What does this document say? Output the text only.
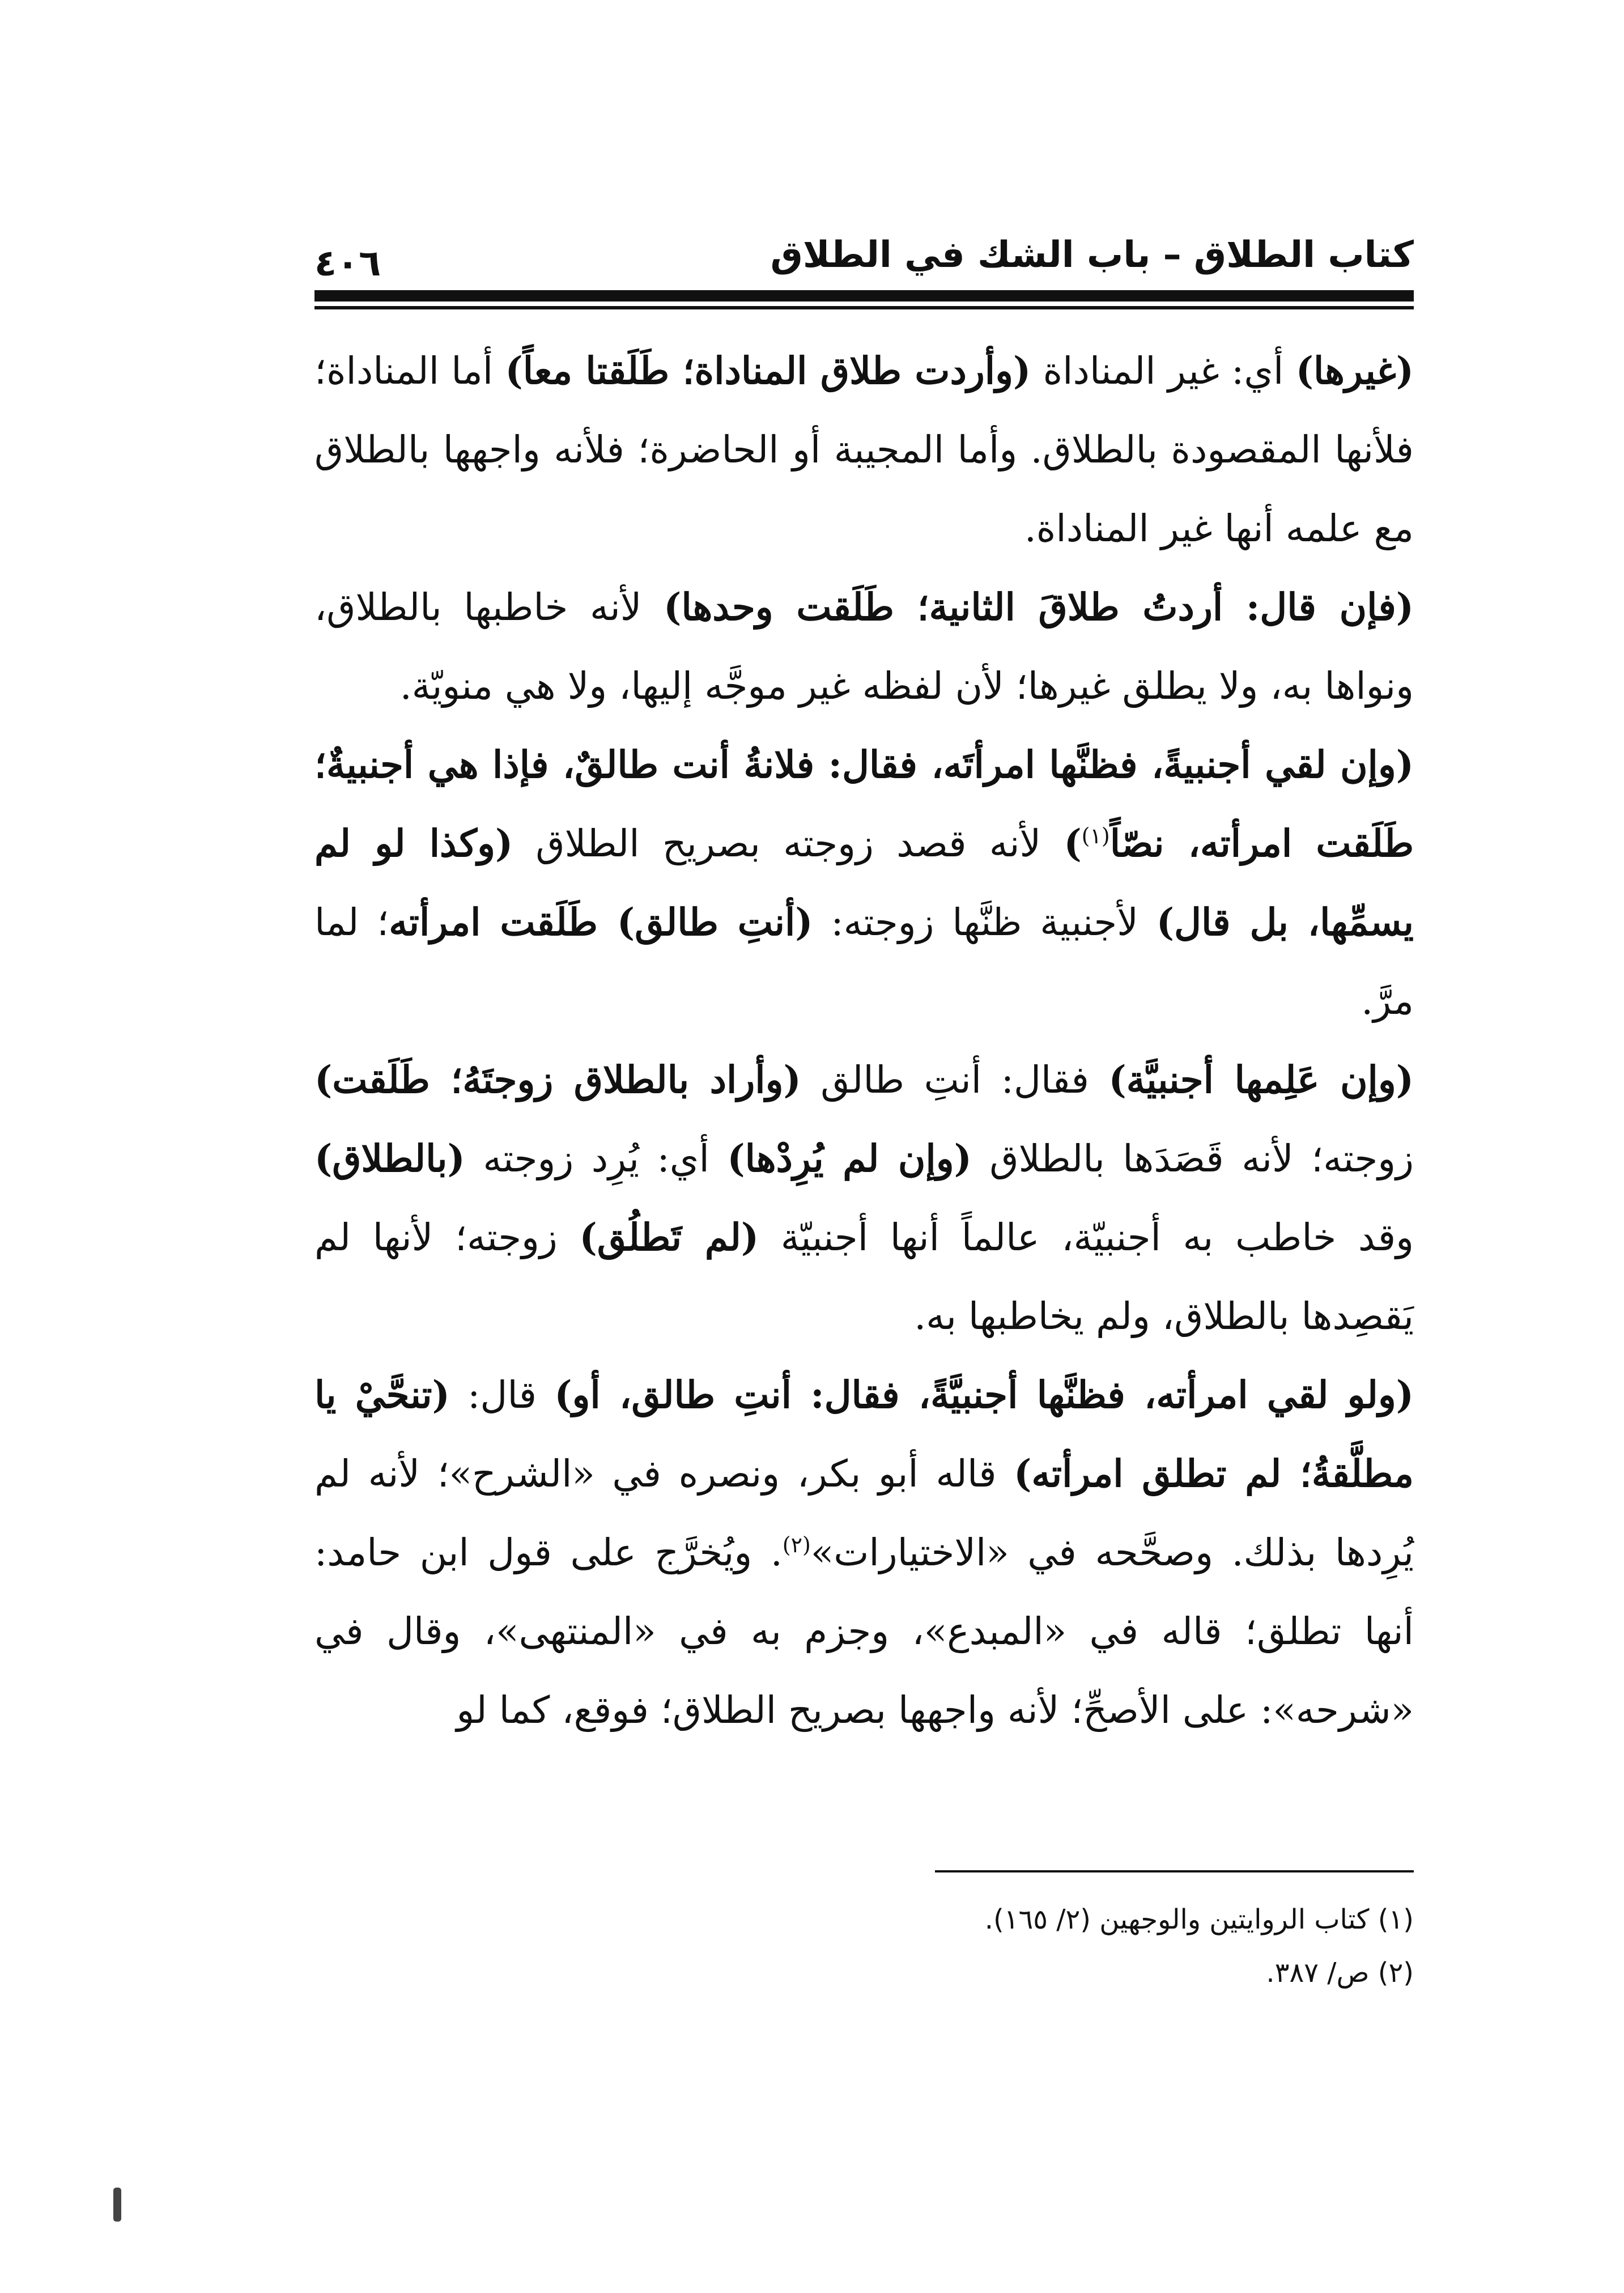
كتاب الطلاق – باب الشك في الطلاق
٤٠٦

(غيرها) أي: غير المناداة (وأردت طلاق المناداة؛ طَلَقتا معاً) أما المناداة؛ فلأنها المقصودة بالطلاق. وأما المجيبة أو الحاضرة؛ فلأنه واجهها بالطلاق مع علمه أنها غير المناداة.

(فإن قال: أردتُ طلاقَ الثانية؛ طَلَقت وحدها) لأنه خاطبها بالطلاق، ونواها به، ولا يطلق غيرها؛ لأن لفظه غير موجَّه إليها، ولا هي منويّة.

(وإن لقي أجنبيةً، فظنَّها امرأتَه، فقال: فلانةُ أنت طالقٌ، فإذا هي أجنبيةٌ؛ طَلَقت امرأته، نصّاً$^{(١)}$) لأنه قصد زوجته بصريح الطلاق (وكذا لو لم يسمِّها، بل قال) لأجنبية ظنَّها زوجته: (أنتِ طالق) طَلَقت امرأته؛ لما مرَّ.

(وإن عَلِمها أجنبيَّة) فقال: أنتِ طالق (وأراد بالطلاق زوجتَهُ؛ طَلَقت) زوجته؛ لأنه قَصَدَها بالطلاق (وإن لم يُرِدْها) أي: يُرِد زوجته (بالطلاق) وقد خاطب به أجنبيّة، عالماً أنها أجنبيّة (لم تَطلُق) زوجته؛ لأنها لم يَقصِدها بالطلاق، ولم يخاطبها به.

(ولو لقي امرأته، فظنَّها أجنبيَّةً، فقال: أنتِ طالق، أو) قال: (تنحَّيْ يا مطلَّقةُ؛ لم تطلق امرأته) قاله أبو بكر، ونصره في «الشرح»؛ لأنه لم يُرِدها بذلك. وصحَّحه في «الاختيارات»$^{(٢)}$. ويُخرَّج على قول ابن حامد: أنها تطلق؛ قاله في «المبدع»، وجزم به في «المنتهى»، وقال في «شرحه»: على الأصحِّ؛ لأنه واجهها بصريح الطلاق؛ فوقع، كما لو

(١) كتاب الروايتين والوجهين (٢/ ١٦٥).

(٢) ص/ ٣٨٧.
